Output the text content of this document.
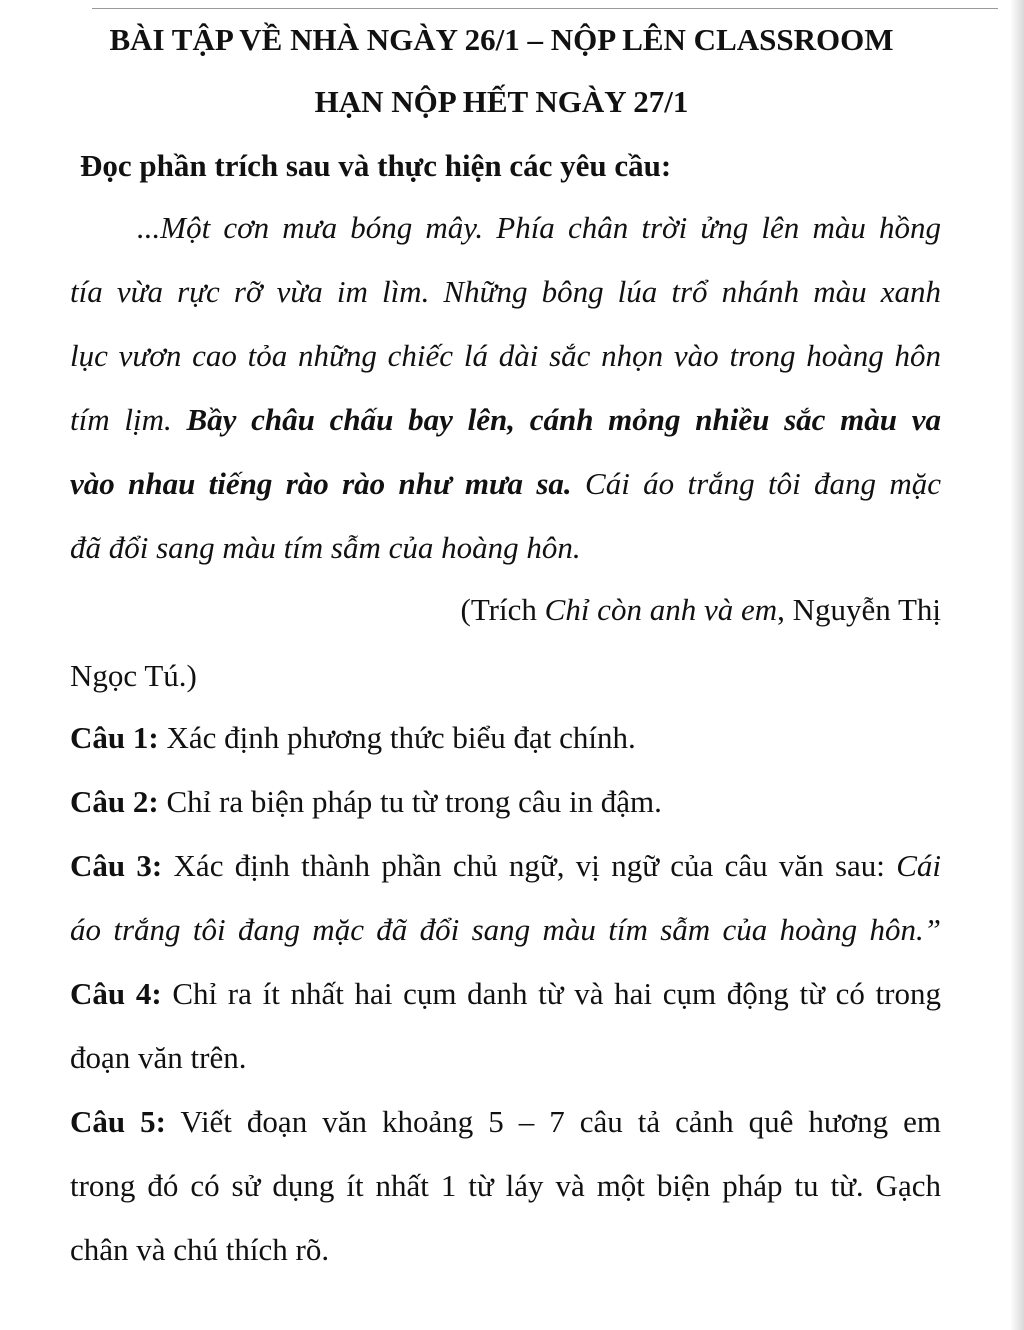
BÀI TẬP VỀ NHÀ NGÀY 26/1 – NỘP LÊN CLASSROOM
HẠN NỘP HẾT NGÀY 27/1
Đọc phần trích sau và thực hiện các yêu cầu:
...Một cơn mưa bóng mây. Phía chân trời ửng lên màu hồng
tía vừa rực rỡ vừa im lìm. Những bông lúa trổ nhánh màu xanh
lục vươn cao tỏa những chiếc lá dài sắc nhọn vào trong hoàng hôn
tím lịm. Bầy châu chấu bay lên, cánh mỏng nhiều sắc màu va
vào nhau tiếng rào rào như mưa sa. Cái áo trắng tôi đang mặc
đã đổi sang màu tím sẫm của hoàng hôn.
(Trích Chỉ còn anh và em, Nguyễn Thị
Ngọc Tú.)
Câu 1: Xác định phương thức biểu đạt chính.
Câu 2: Chỉ ra biện pháp tu từ trong câu in đậm.
Câu 3: Xác định thành phần chủ ngữ, vị ngữ của câu văn sau: Cái
áo trắng tôi đang mặc đã đổi sang màu tím sẫm của hoàng hôn.”
Câu 4: Chỉ ra ít nhất hai cụm danh từ và hai cụm động từ có trong
đoạn văn trên.
Câu 5: Viết đoạn văn khoảng 5 – 7 câu tả cảnh quê hương em
trong đó có sử dụng ít nhất 1 từ láy và một biện pháp tu từ. Gạch
chân và chú thích rõ.
